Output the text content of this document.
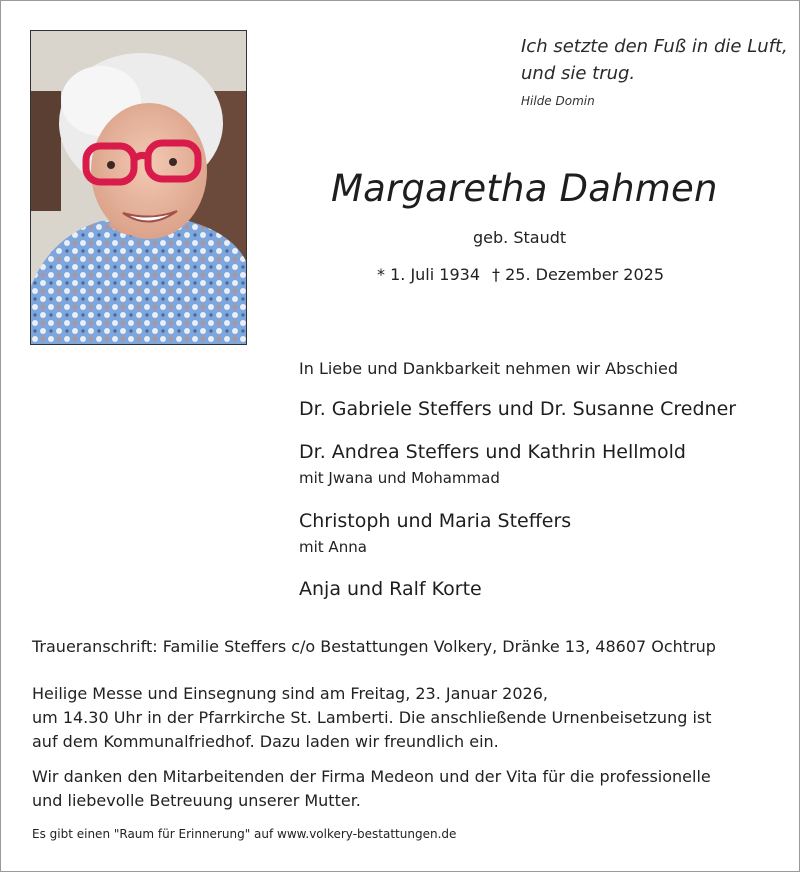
Ich setzte den Fuß in die Luft,
und sie trug.
Hilde Domin
Margaretha Dahmen
geb. Staudt
* 1. Juli 1934 † 25. Dezember 2025
In Liebe und Dankbarkeit nehmen wir Abschied
Dr. Gabriele Steffers und Dr. Susanne Credner
Dr. Andrea Steffers und Kathrin Hellmold
mit Jwana und Mohammad
Christoph und Maria Steffers
mit Anna
Anja und Ralf Korte
Traueranschrift: Familie Steffers c/o Bestattungen Volkery, Dränke 13, 48607 Ochtrup

Heilige Messe und Einsegnung sind am Freitag, 23. Januar 2026,

um 14.30 Uhr in der Pfarrkirche St. Lamberti. Die anschließende Urnenbeisetzung ist

auf dem Kommunalfriedhof. Dazu laden wir freundlich ein.

Wir danken den Mitarbeitenden der Firma Medeon und der Vita für die professionelle

und liebevolle Betreuung unserer Mutter.

Es gibt einen "Raum für Erinnerung" auf www.volkery-bestattungen.de
